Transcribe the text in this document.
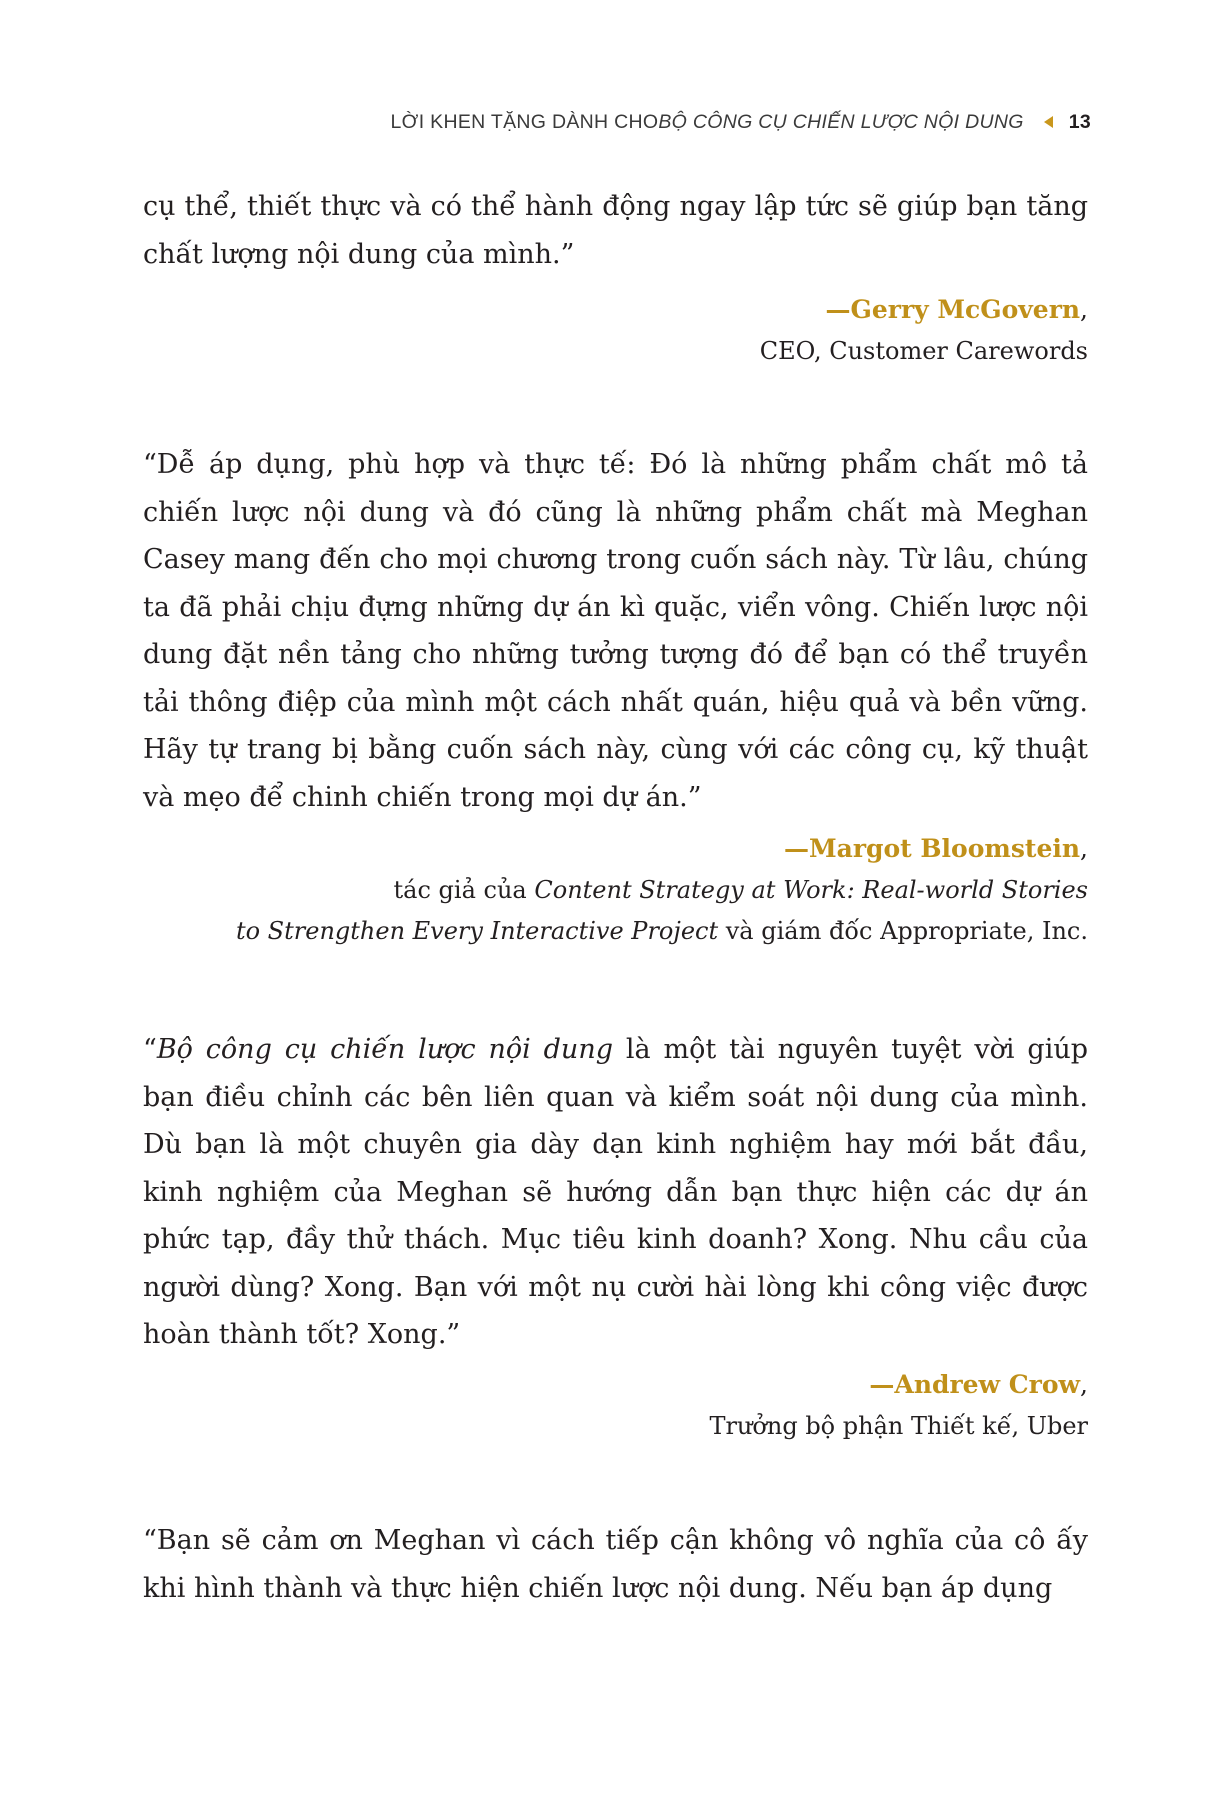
LỜI KHEN TẶNG DÀNH CHO BỘ CÔNG CỤ CHIẾN LƯỢC NỘI DUNG 13

cụ thể, thiết thực và có thể hành động ngay lập tức sẽ giúp bạn tăng chất lượng nội dung của mình.”

—Gerry McGovern,

CEO, Customer Carewords

“Dễ áp dụng, phù hợp và thực tế: Đó là những phẩm chất mô tả chiến lược nội dung và đó cũng là những phẩm chất mà Meghan Casey mang đến cho mọi chương trong cuốn sách này. Từ lâu, chúng ta đã phải chịu đựng những dự án kì quặc, viển vông. Chiến lược nội dung đặt nền tảng cho những tưởng tượng đó để bạn có thể truyền tải thông điệp của mình một cách nhất quán, hiệu quả và bền vững. Hãy tự trang bị bằng cuốn sách này, cùng với các công cụ, kỹ thuật và mẹo để chinh chiến trong mọi dự án.”

—Margot Bloomstein,

tác giả của Content Strategy at Work: Real-world Stories
to Strengthen Every Interactive Project và giám đốc Appropriate, Inc.

“Bộ công cụ chiến lược nội dung là một tài nguyên tuyệt vời giúp bạn điều chỉnh các bên liên quan và kiểm soát nội dung của mình. Dù bạn là một chuyên gia dày dạn kinh nghiệm hay mới bắt đầu, kinh nghiệm của Meghan sẽ hướng dẫn bạn thực hiện các dự án phức tạp, đầy thử thách. Mục tiêu kinh doanh? Xong. Nhu cầu của người dùng? Xong. Bạn với một nụ cười hài lòng khi công việc được hoàn thành tốt? Xong.”

—Andrew Crow,

Trưởng bộ phận Thiết kế, Uber

“Bạn sẽ cảm ơn Meghan vì cách tiếp cận không vô nghĩa của cô ấy khi hình thành và thực hiện chiến lược nội dung. Nếu bạn áp dụng
